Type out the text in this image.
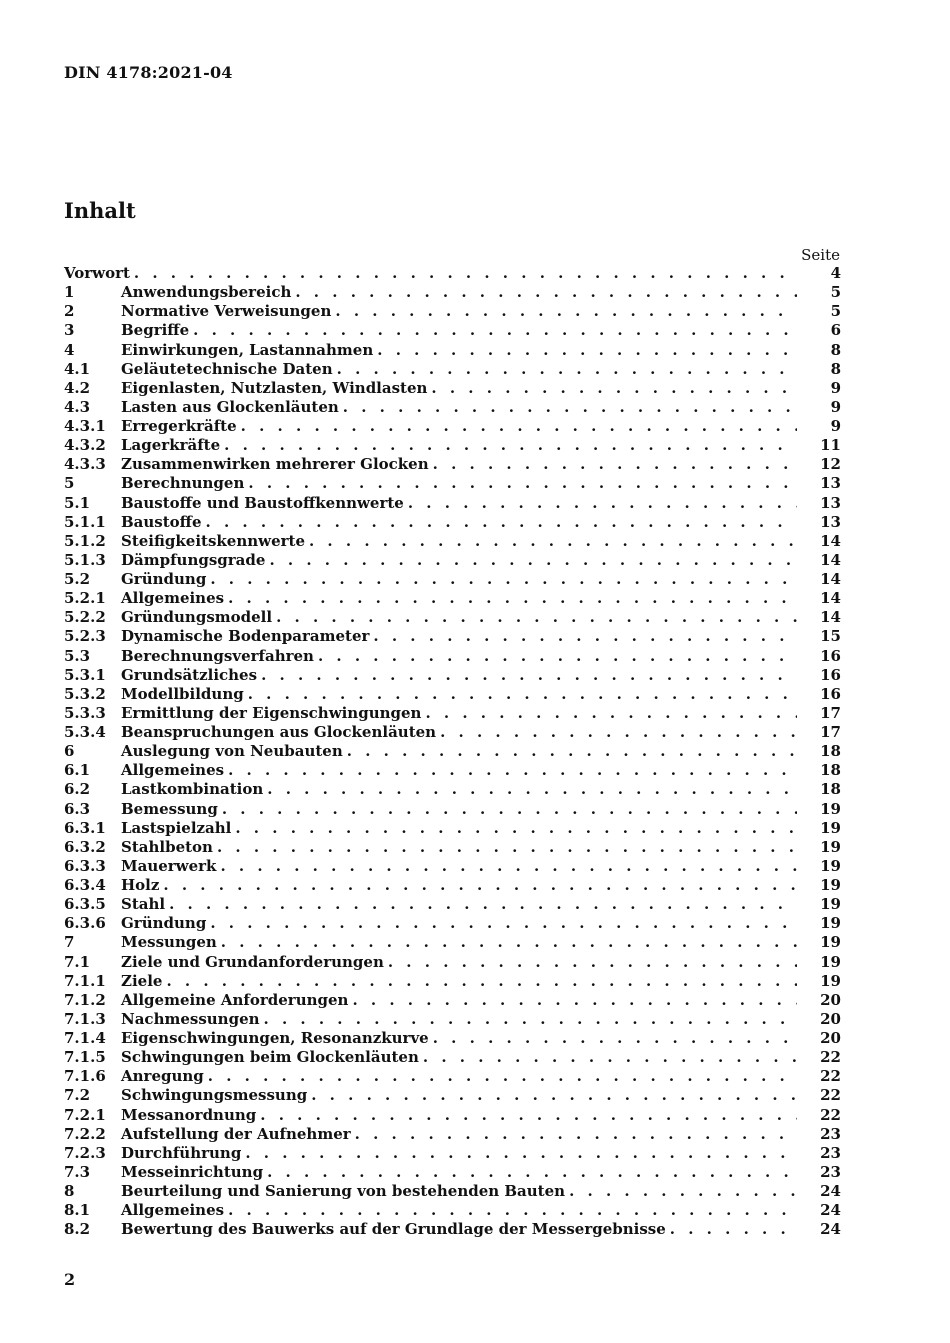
DIN 4178:2021-04
Inhalt
Seite
Vorwort . . .	4
1	Anwendungsbereich . . .	5
2	Normative Verweisungen . . .	5
3	Begriffe . . .	6
4	Einwirkungen, Lastannahmen . . .	8
4.1	Geläutetechnische Daten . . .	8
4.2	Eigenlasten, Nutzlasten, Windlasten . . .	9
4.3	Lasten aus Glockenläuten . . .	9
4.3.1	Erregerkräfte . . .	9
4.3.2	Lagerkräfte . . .	11
4.3.3	Zusammenwirken mehrerer Glocken . . .	12
5	Berechnungen . . .	13
5.1	Baustoffe und Baustoffkennwerte . . .	13
5.1.1	Baustoffe . . .	13
5.1.2	Steifigkeitskennwerte . . .	14
5.1.3	Dämpfungsgrade . . .	14
5.2	Gründung . . .	14
5.2.1	Allgemeines . . .	14
5.2.2	Gründungsmodell . . .	14
5.2.3	Dynamische Bodenparameter . . .	15
5.3	Berechnungsverfahren . . .	16
5.3.1	Grundsätzliches . . .	16
5.3.2	Modellbildung . . .	16
5.3.3	Ermittlung der Eigenschwingungen . . .	17
5.3.4	Beanspruchungen aus Glockenläuten . . .	17
6	Auslegung von Neubauten . . .	18
6.1	Allgemeines . . .	18
6.2	Lastkombination . . .	18
6.3	Bemessung . . .	19
6.3.1	Lastspielzahl . . .	19
6.3.2	Stahlbeton . . .	19
6.3.3	Mauerwerk . . .	19
6.3.4	Holz . . .	19
6.3.5	Stahl . . .	19
6.3.6	Gründung . . .	19
7	Messungen . . .	19
7.1	Ziele und Grundanforderungen . . .	19
7.1.1	Ziele . . .	19
7.1.2	Allgemeine Anforderungen . . .	20
7.1.3	Nachmessungen . . .	20
7.1.4	Eigenschwingungen, Resonanzkurve . . .	20
7.1.5	Schwingungen beim Glockenläuten . . .	22
7.1.6	Anregung . . .	22
7.2	Schwingungsmessung . . .	22
7.2.1	Messanordnung . . .	22
7.2.2	Aufstellung der Aufnehmer . . .	23
7.2.3	Durchführung . . .	23
7.3	Messeinrichtung . . .	23
8	Beurteilung und Sanierung von bestehenden Bauten . . .	24
8.1	Allgemeines . . .	24
8.2	Bewertung des Bauwerks auf der Grundlage der Messergebnisse . . .	24
2
